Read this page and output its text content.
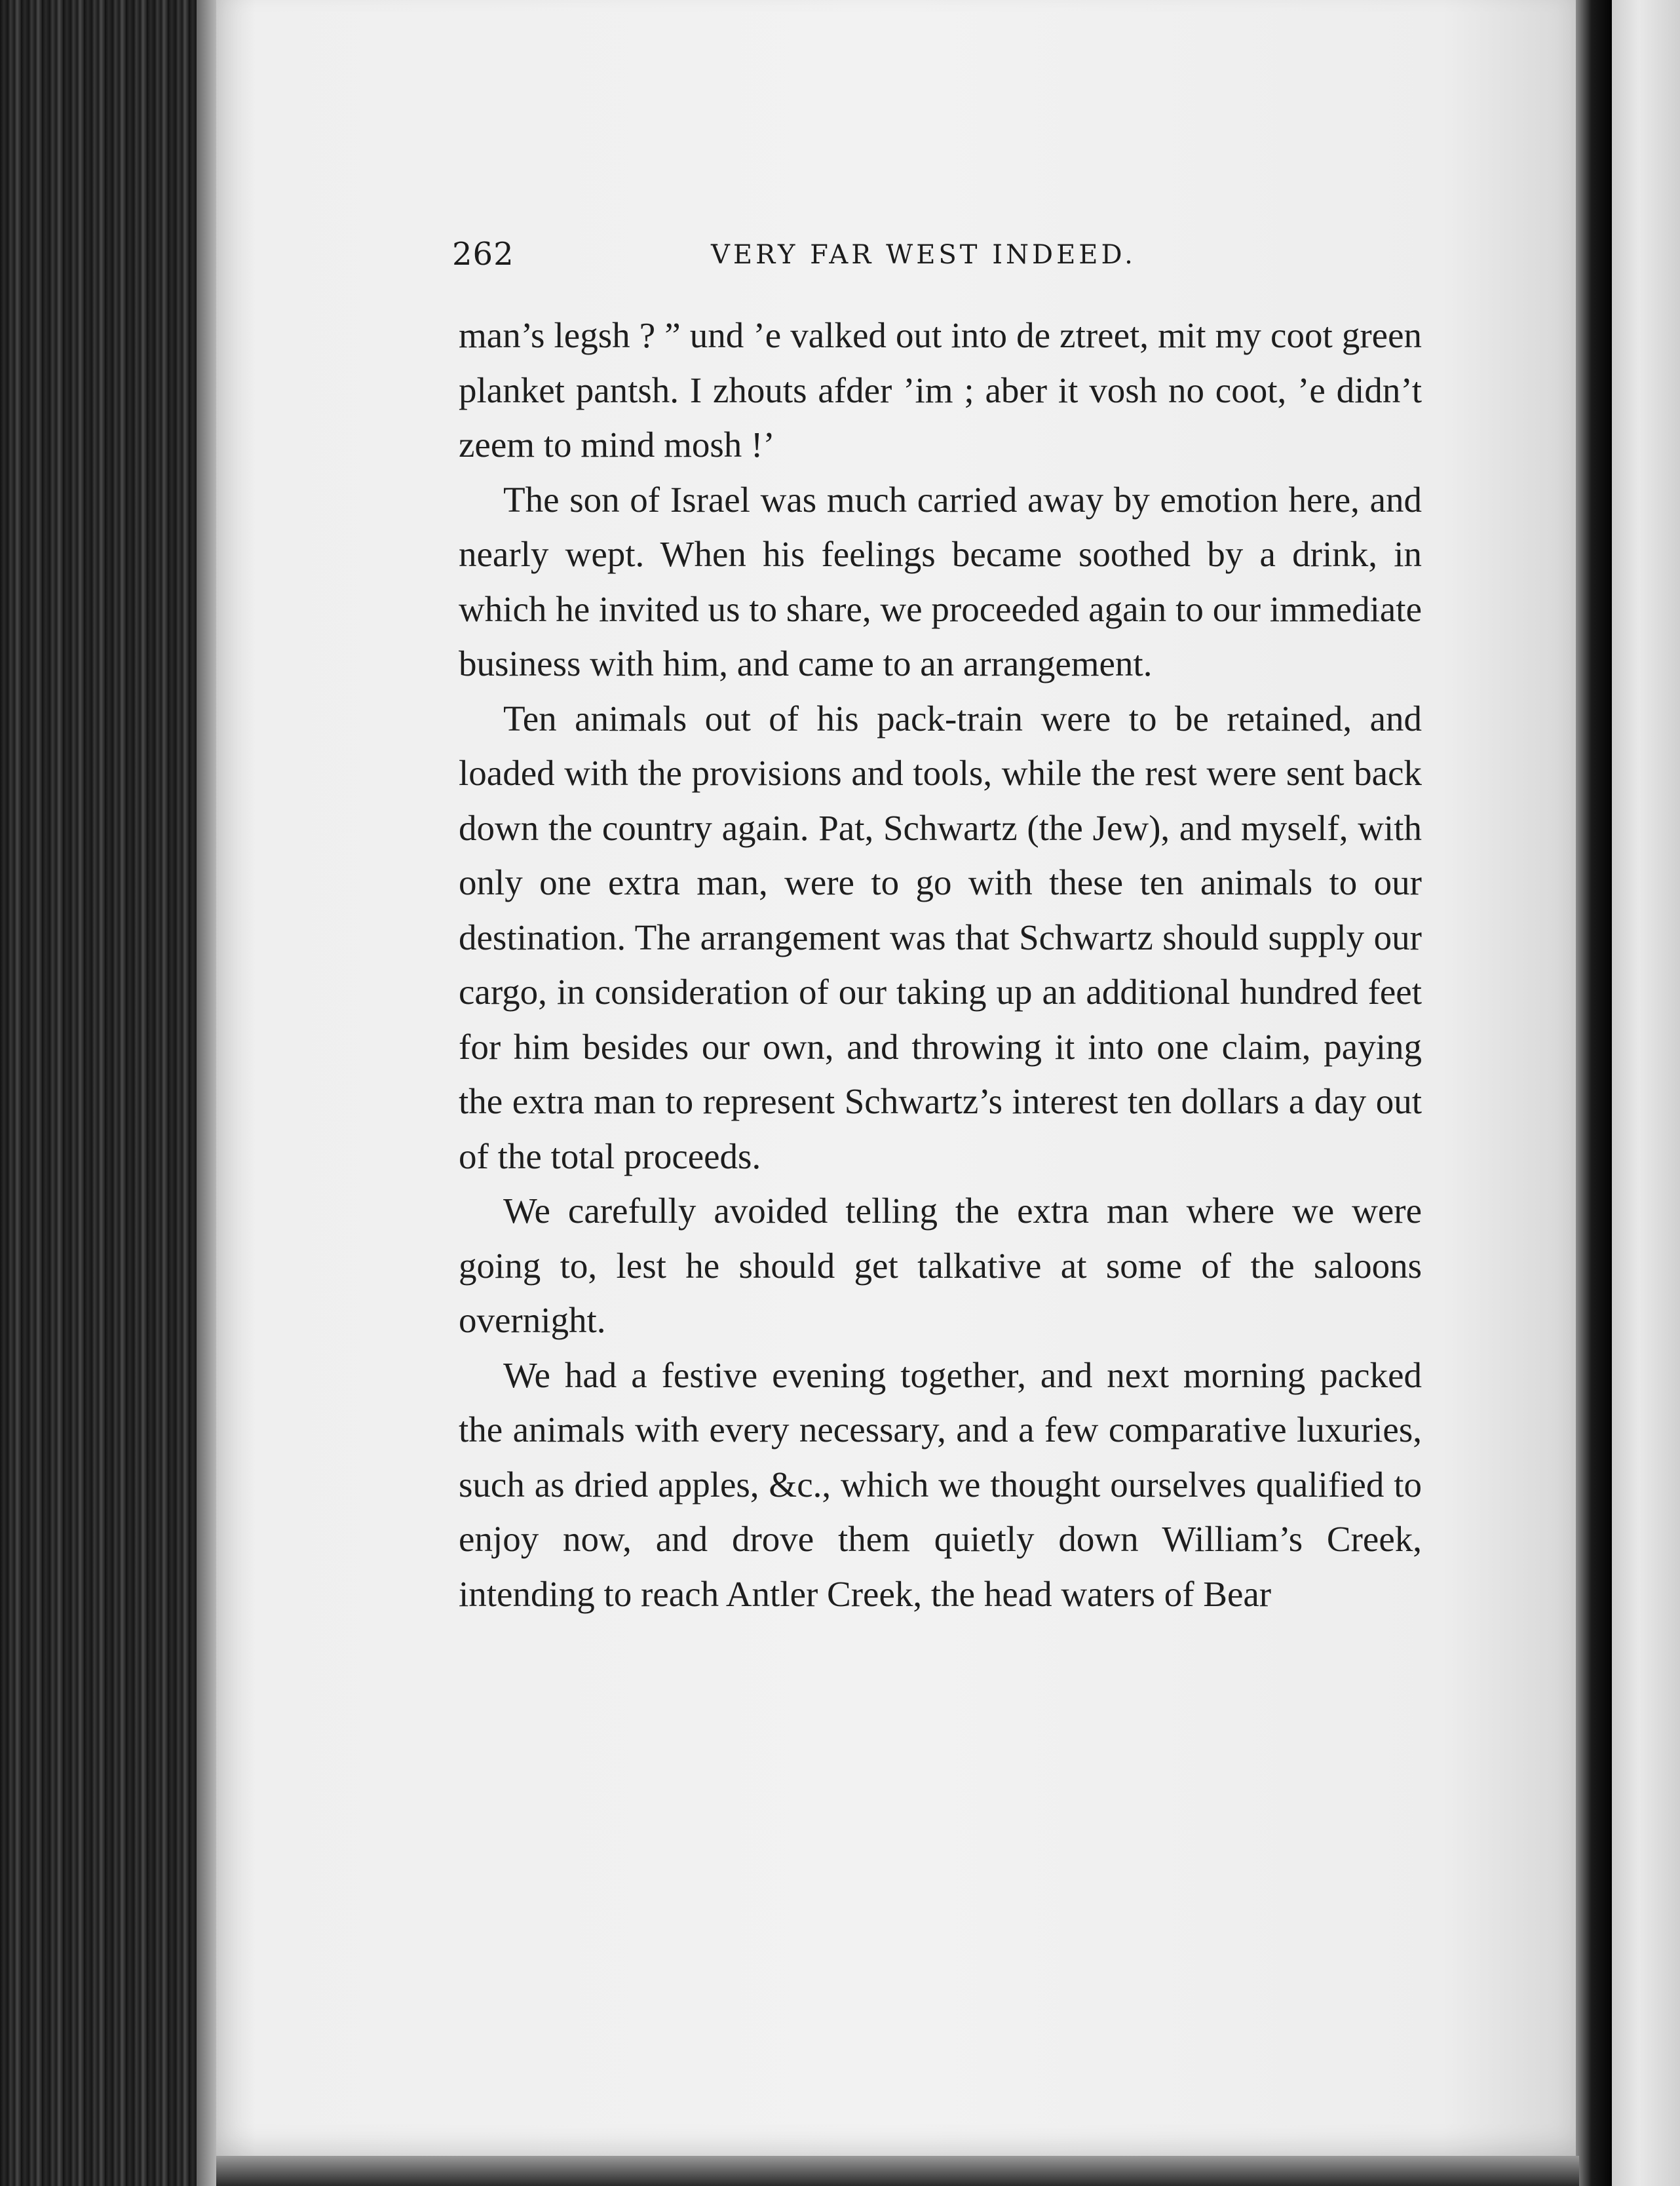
262	VERY FAR WEST INDEED.

man’s legsh ? ” und ’e valked out into de ztreet, mit my coot green planket pantsh. I zhouts afder ’im ; aber it vosh no coot, ’e didn’t zeem to mind mosh !’

The son of Israel was much carried away by emotion here, and nearly wept. When his feelings became soothed by a drink, in which he invited us to share, we proceeded again to our immediate business with him, and came to an arrangement.

Ten animals out of his pack-train were to be retained, and loaded with the provisions and tools, while the rest were sent back down the country again. Pat, Schwartz (the Jew), and myself, with only one extra man, were to go with these ten animals to our destination. The arrangement was that Schwartz should supply our cargo, in consideration of our taking up an additional hundred feet for him besides our own, and throwing it into one claim, paying the extra man to represent Schwartz’s interest ten dollars a day out of the total proceeds.

We carefully avoided telling the extra man where we were going to, lest he should get talkative at some of the saloons overnight.

We had a festive evening together, and next morning packed the animals with every necessary, and a few comparative luxuries, such as dried apples, &c., which we thought ourselves qualified to enjoy now, and drove them quietly down William’s Creek, intending to reach Antler Creek, the head waters of Bear
